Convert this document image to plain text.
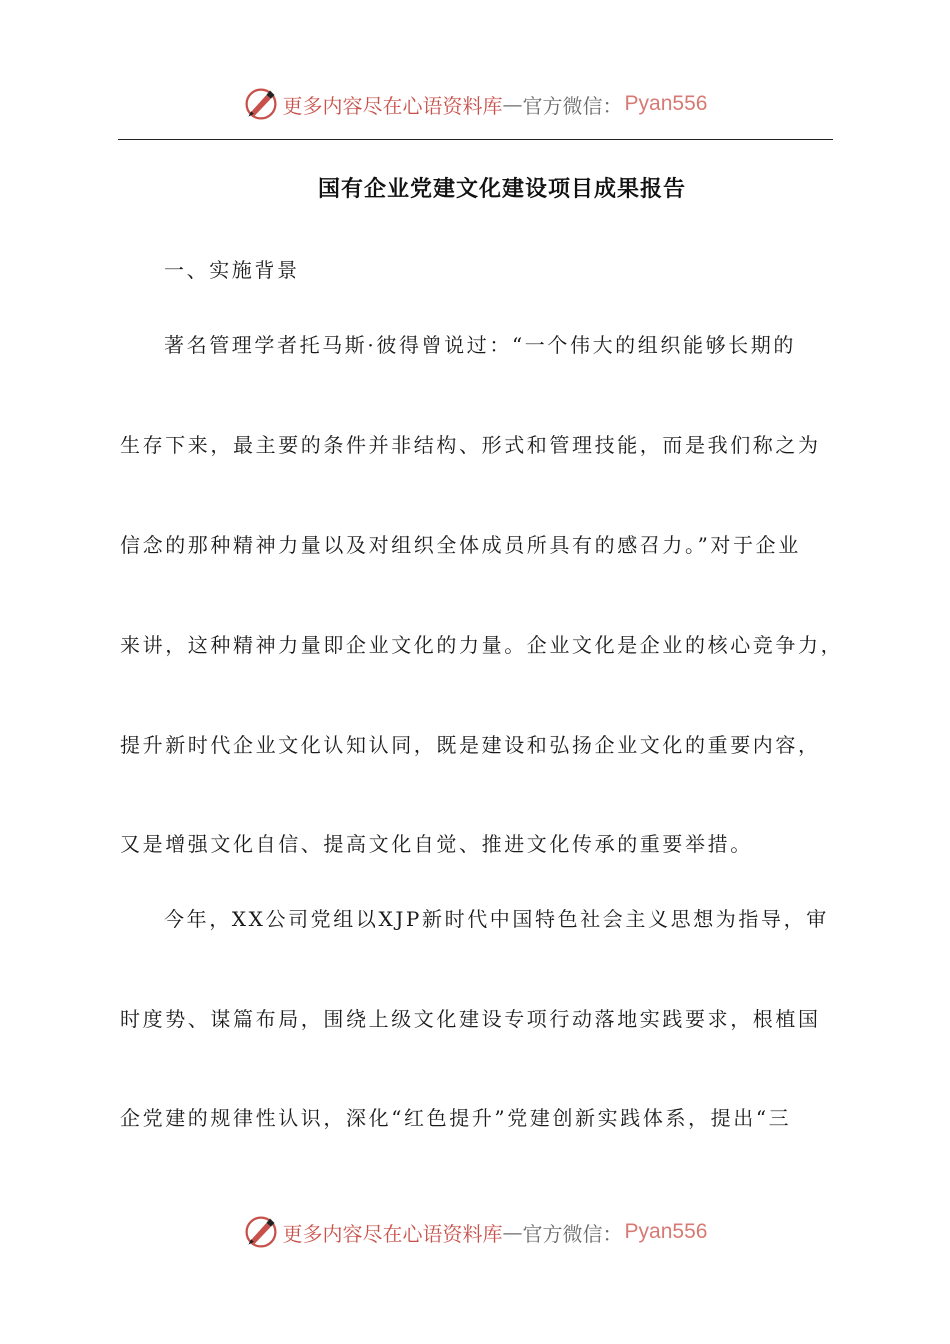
更多内容尽在心语资料库 — 官方微信： Pyan556
国有企业党建文化建设项目成果报告
一、实施背景
著名管理学者托马斯·彼得曾说过：“一个伟大的组织能够长期的
生存下来，最主要的条件并非结构、形式和管理技能，而是我们称之为
信念的那种精神力量以及对组织全体成员所具有的感召力。”对于企业
来讲，这种精神力量即企业文化的力量。企业文化是企业的核心竞争力，
提升新时代企业文化认知认同，既是建设和弘扬企业文化的重要内容，
又是增强文化自信、提高文化自觉、推进文化传承的重要举措。
今年，XX公司党组以XJP新时代中国特色社会主义思想为指导，审
时度势、谋篇布局，围绕上级文化建设专项行动落地实践要求，根植国
企党建的规律性认识，深化“红色提升”党建创新实践体系，提出“三
更多内容尽在心语资料库 — 官方微信： Pyan556
